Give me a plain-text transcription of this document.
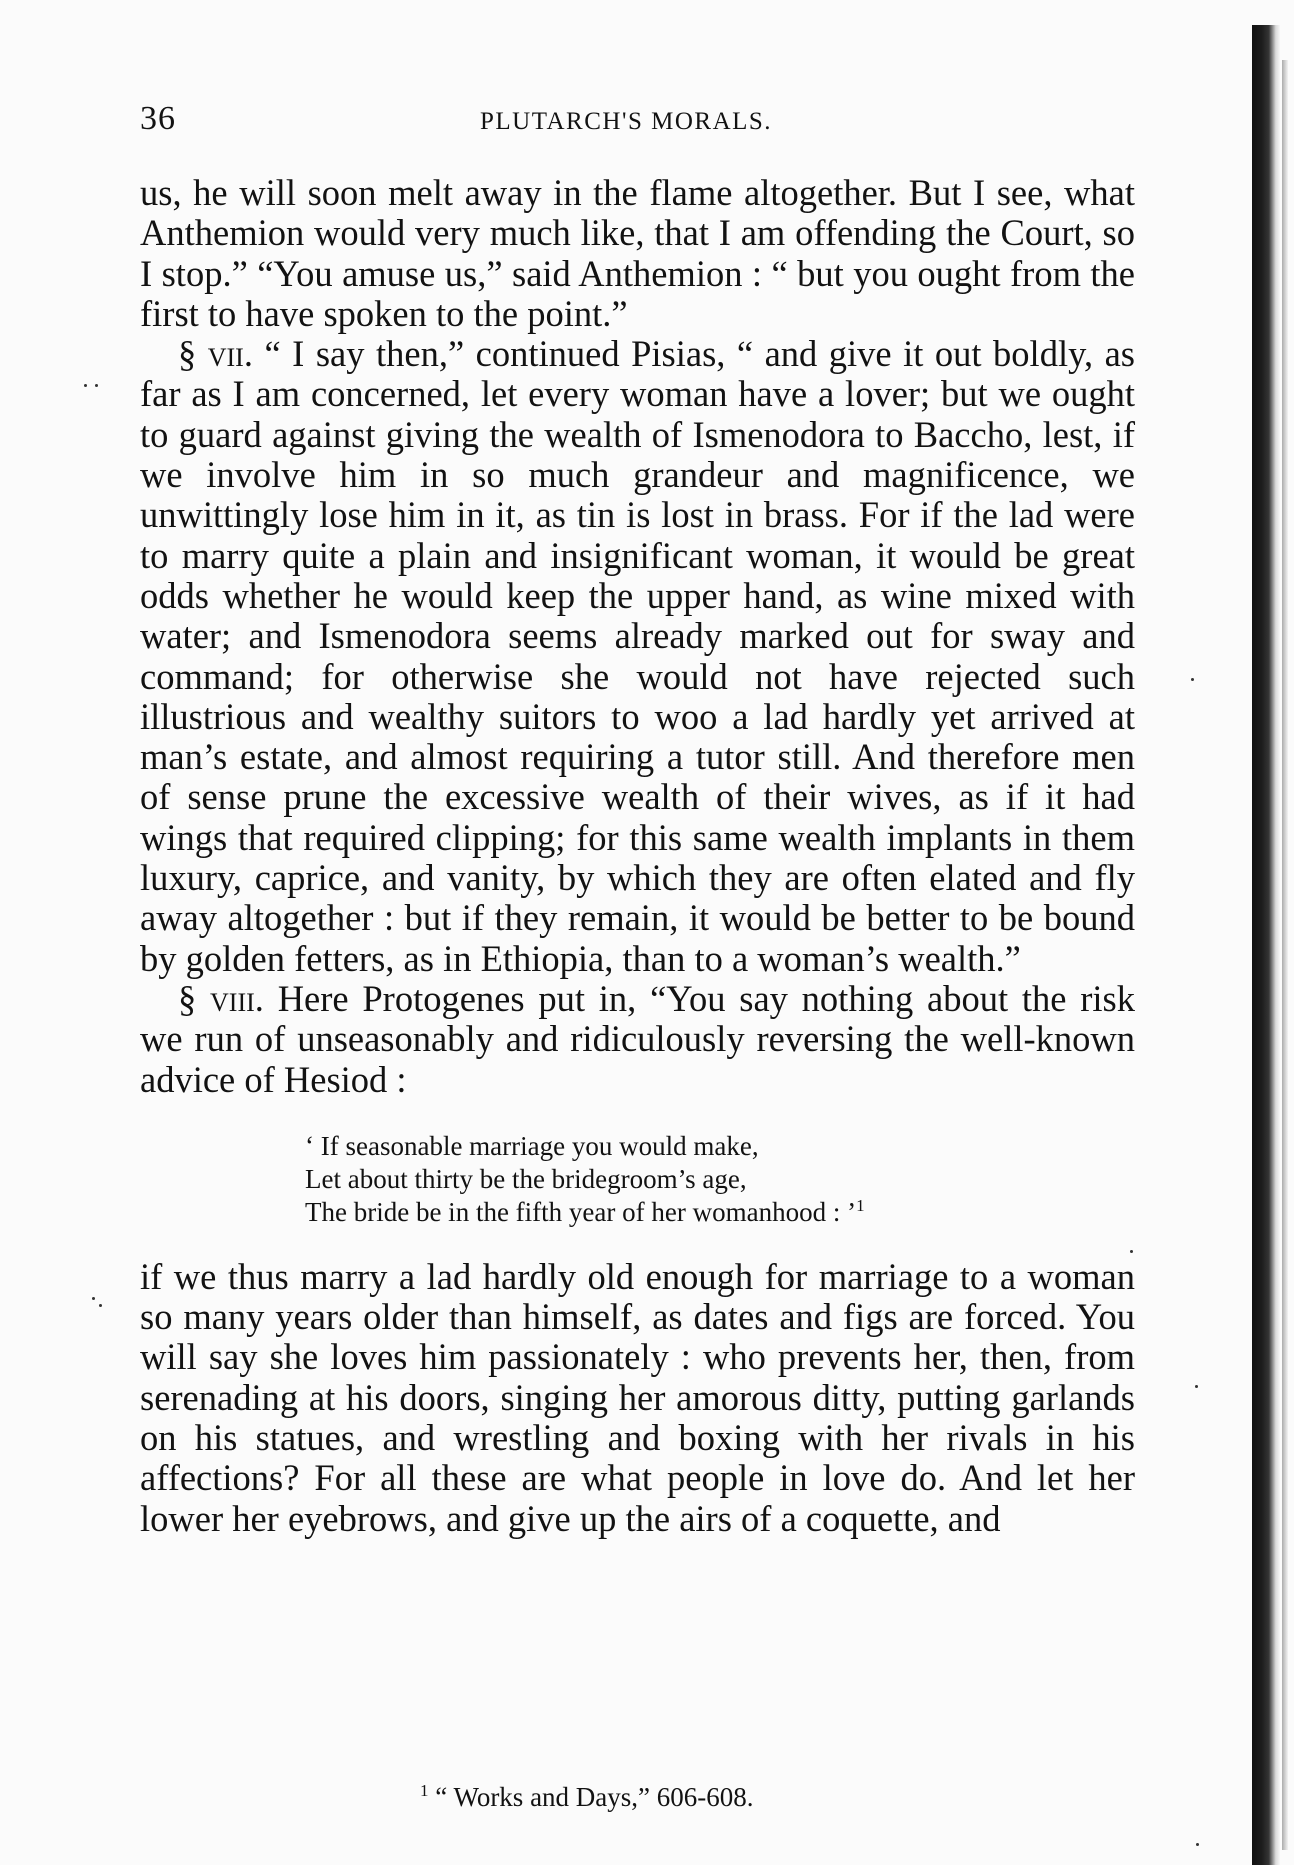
36	PLUTARCH'S MORALS.

us, he will soon melt away in the flame altogether. But I see, what Anthemion would very much like, that I am offending the Court, so I stop.” “You amuse us,” said Anthemion : “ but you ought from the first to have spoken to the point.”

§ vii. “ I say then,” continued Pisias, “ and give it out boldly, as far as I am concerned, let every woman have a lover; but we ought to guard against giving the wealth of Ismenodora to Baccho, lest, if we involve him in so much grandeur and magnificence, we unwittingly lose him in it, as tin is lost in brass. For if the lad were to marry quite a plain and insignificant woman, it would be great odds whether he would keep the upper hand, as wine mixed with water; and Ismenodora seems already marked out for sway and command; for otherwise she would not have rejected such illustrious and wealthy suitors to woo a lad hardly yet arrived at man’s estate, and almost requiring a tutor still. And therefore men of sense prune the excessive wealth of their wives, as if it had wings that required clipping; for this same wealth implants in them luxury, caprice, and vanity, by which they are often elated and fly away altogether : but if they remain, it would be better to be bound by golden fetters, as in Ethiopia, than to a woman’s wealth.”

§ viii. Here Protogenes put in, “You say nothing about the risk we run of unseasonably and ridiculously reversing the well-known advice of Hesiod :

‘ If seasonable marriage you would make,
Let about thirty be the bridegroom’s age,
The bride be in the fifth year of her womanhood : ’$^1$

if we thus marry a lad hardly old enough for marriage to a woman so many years older than himself, as dates and figs are forced. You will say she loves him passionately : who prevents her, then, from serenading at his doors, singing her amorous ditty, putting garlands on his statues, and wrestling and boxing with her rivals in his affections? For all these are what people in love do. And let her lower her eyebrows, and give up the airs of a coquette, and

$^1$ “ Works and Days,” 606-608.
